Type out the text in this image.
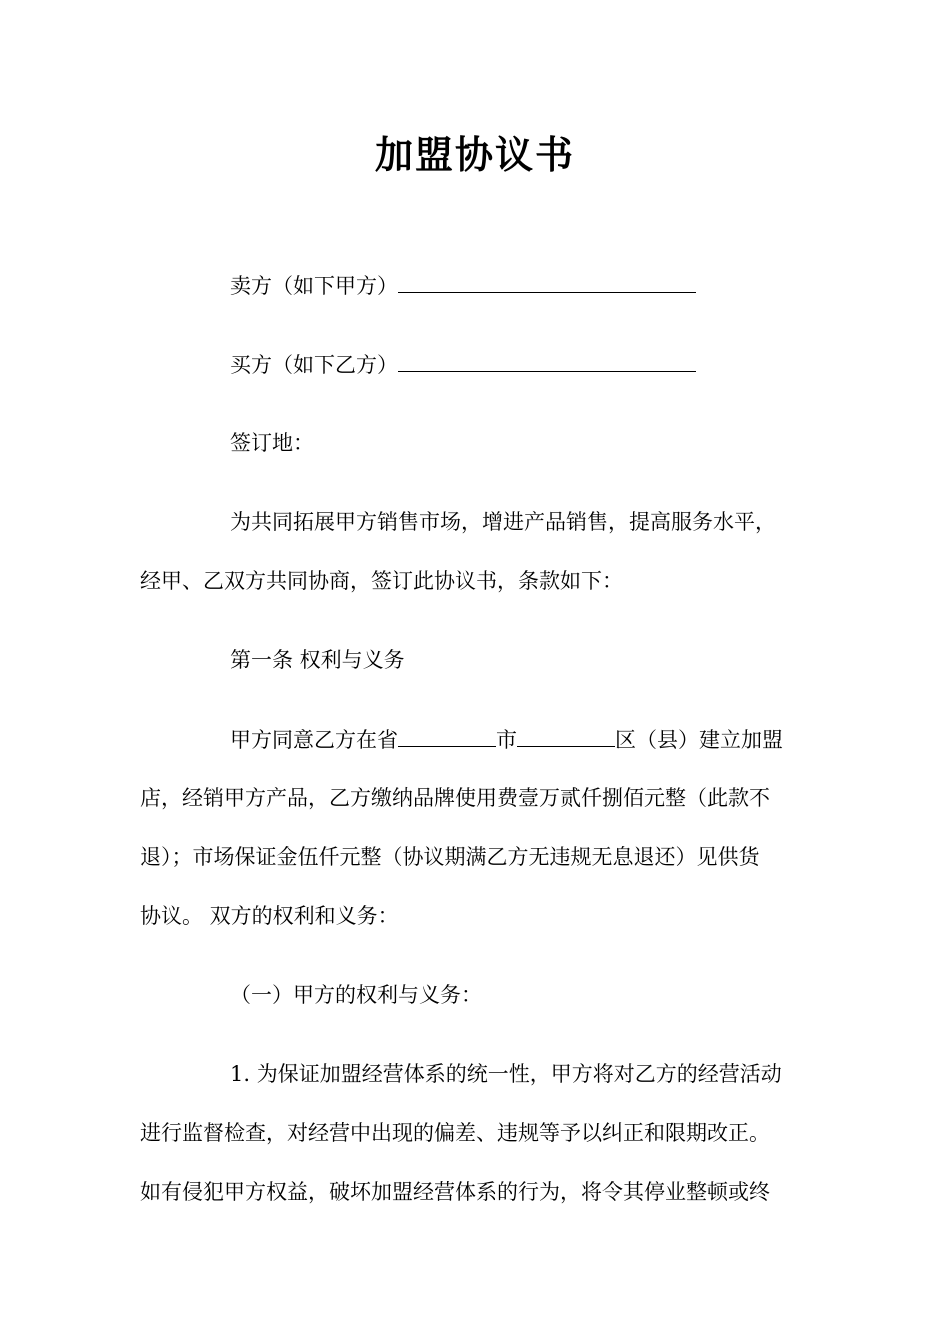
加盟协议书
卖方（如下甲方）
买方（如下乙方）
签订地：
为共同拓展甲方销售市场，增进产品销售，提高服务水平，
经甲、乙双方共同协商，签订此协议书，条款如下：
第一条 权利与义务
甲方同意乙方在省	市	区（县）建立加盟
店，经销甲方产品，乙方缴纳品牌使用费壹万贰仟捌佰元整（此款不
退）；市场保证金伍仟元整（协议期满乙方无违规无息退还）见供货
协议。 双方的权利和义务：
（一）甲方的权利与义务：
1. 为保证加盟经营体系的统一性，甲方将对乙方的经营活动
进行监督检查，对经营中出现的偏差、违规等予以纠正和限期改正。
如有侵犯甲方权益，破坏加盟经营体系的行为，将令其停业整顿或终
